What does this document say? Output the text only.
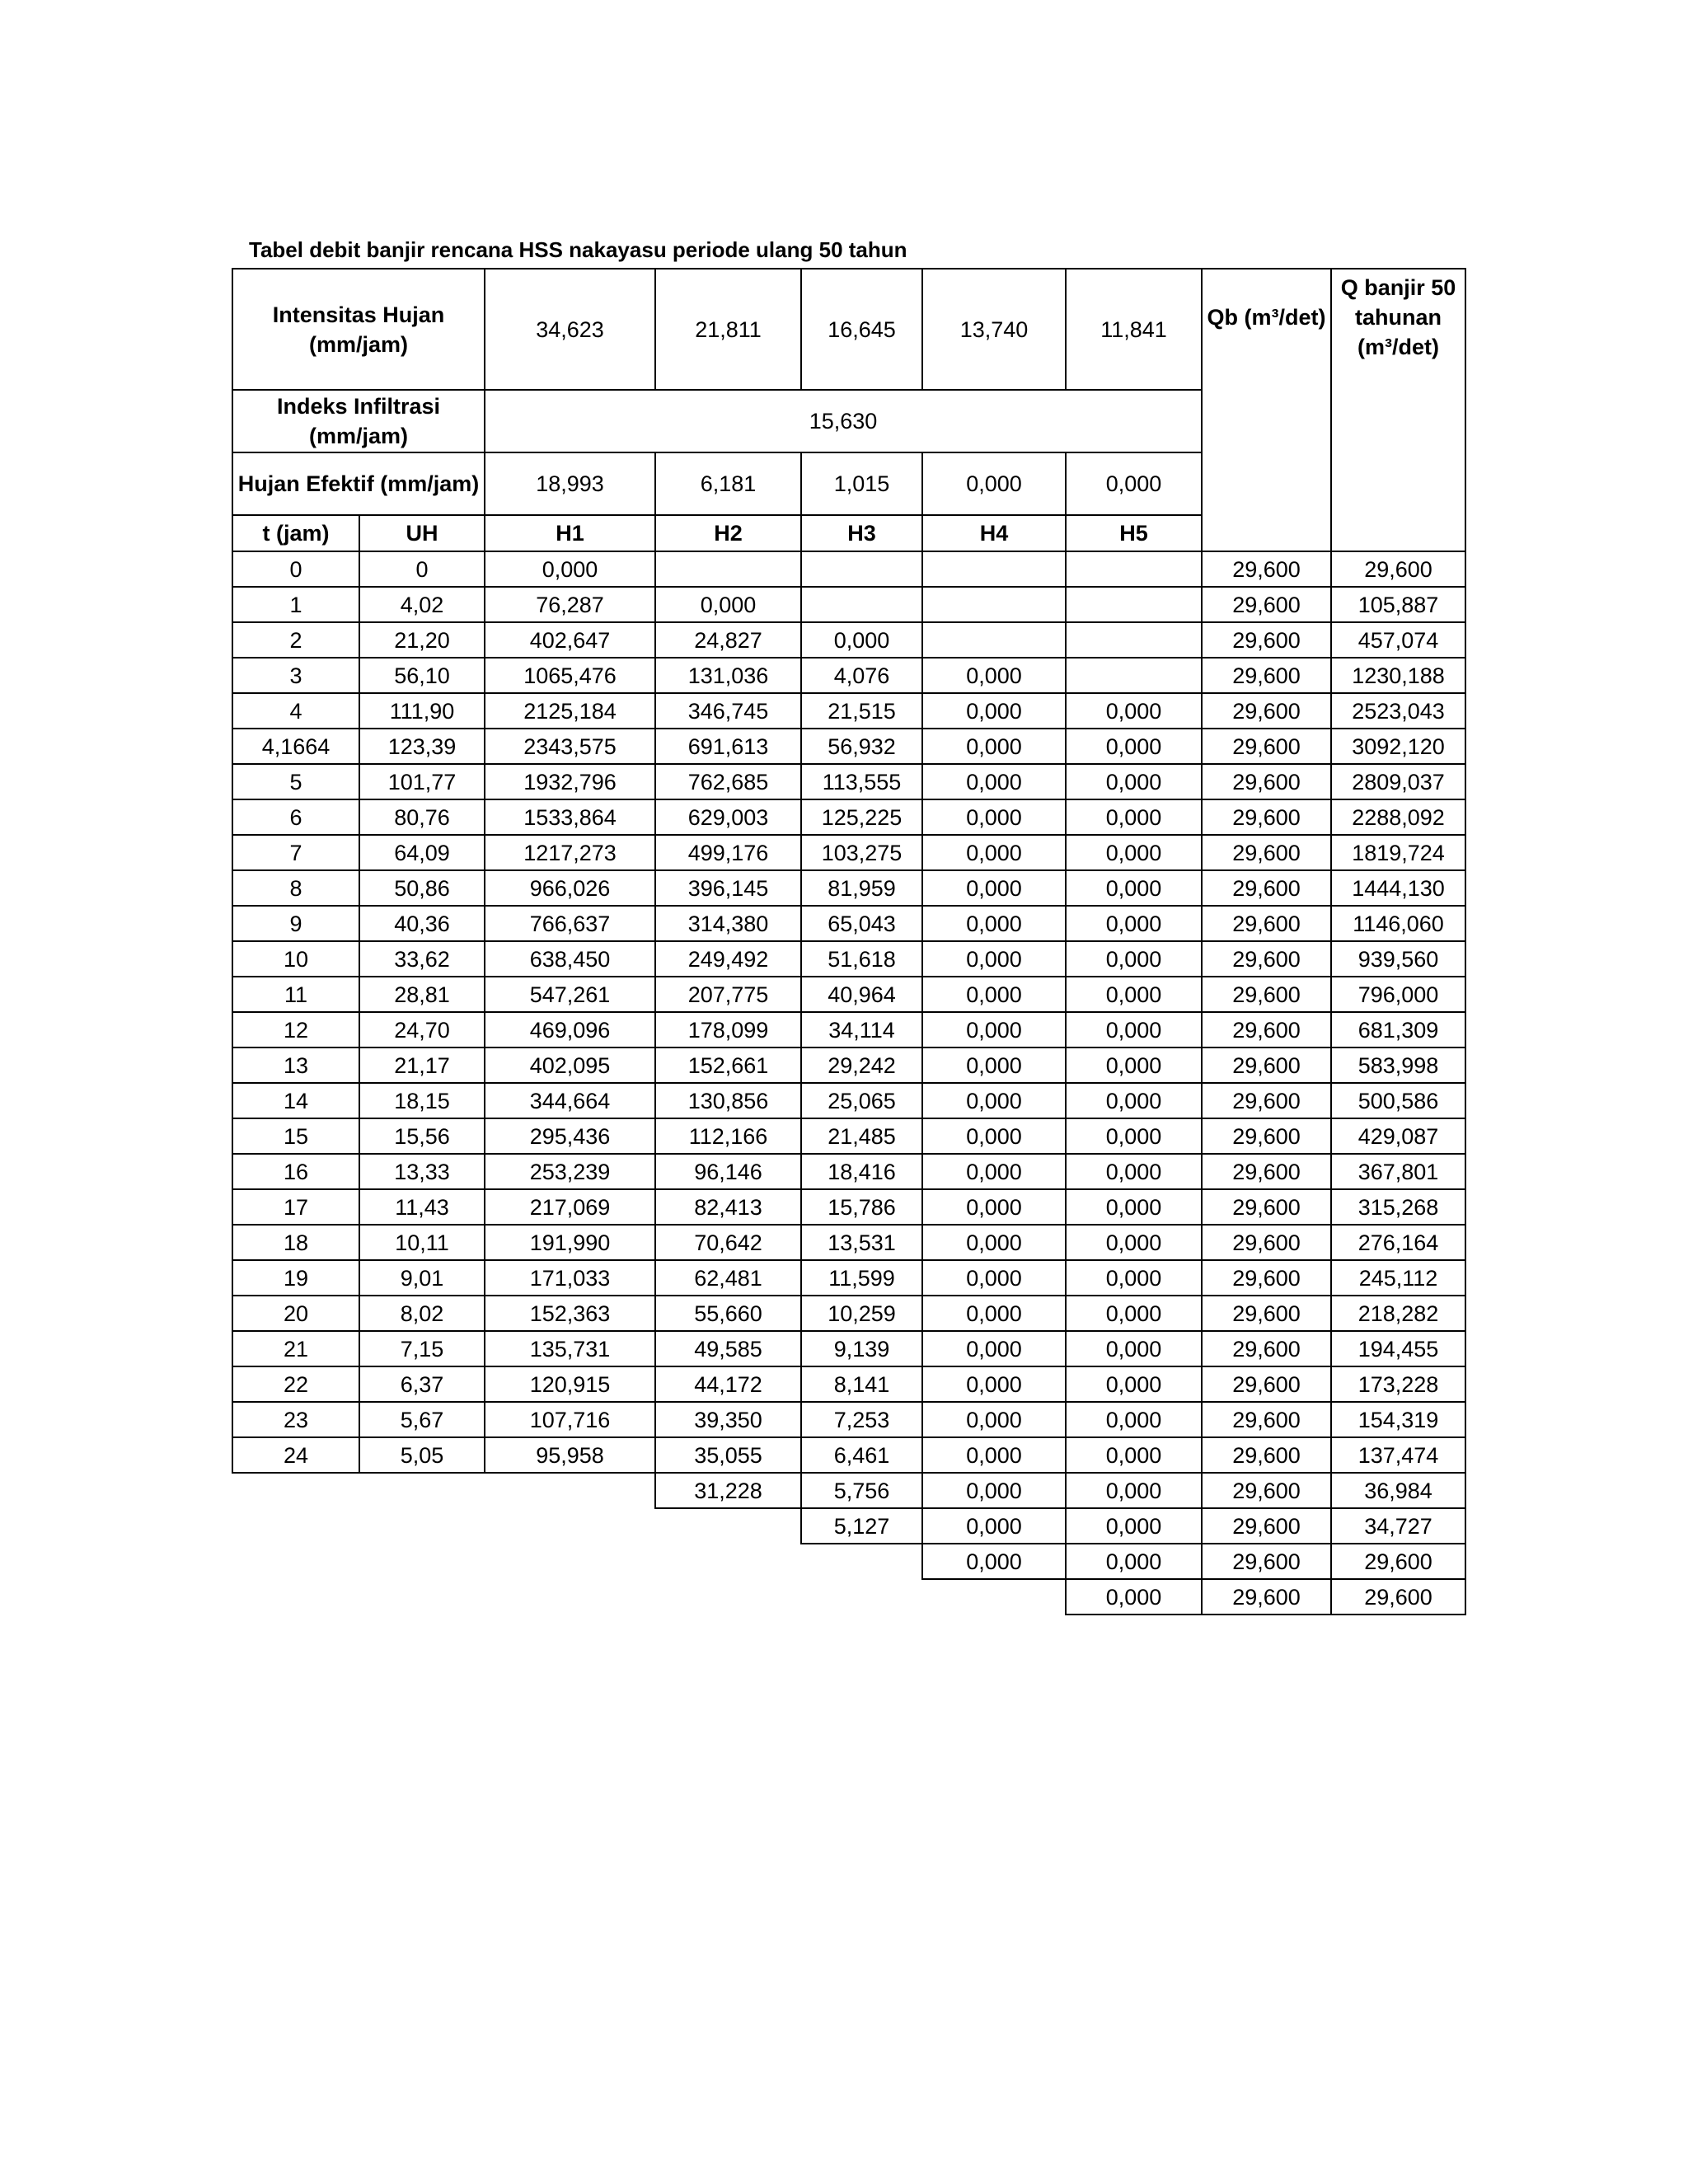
Tabel debit banjir rencana HSS nakayasu periode ulang 50 tahun
Intensitas Hujan (mm/jam)		34,623	21,811	16,645	13,740	11,841	Qb (m³/det)	Q banjir 50 tahunan (m³/det)
Indeks Infiltrasi (mm/jam)		15,630						
Hujan Efektif (mm/jam)		18,993	6,181	1,015	0,000	0,000		
t (jam)	UH	H1	H2	H3	H4	H5		
0	0	0,000					29,600	29,600
1	4,02	76,287	0,000				29,600	105,887
2	21,20	402,647	24,827	0,000			29,600	457,074
3	56,10	1065,476	131,036	4,076	0,000		29,600	1230,188
4	111,90	2125,184	346,745	21,515	0,000	0,000	29,600	2523,043
4,1664	123,39	2343,575	691,613	56,932	0,000	0,000	29,600	3092,120
5	101,77	1932,796	762,685	113,555	0,000	0,000	29,600	2809,037
6	80,76	1533,864	629,003	125,225	0,000	0,000	29,600	2288,092
7	64,09	1217,273	499,176	103,275	0,000	0,000	29,600	1819,724
8	50,86	966,026	396,145	81,959	0,000	0,000	29,600	1444,130
9	40,36	766,637	314,380	65,043	0,000	0,000	29,600	1146,060
10	33,62	638,450	249,492	51,618	0,000	0,000	29,600	939,560
11	28,81	547,261	207,775	40,964	0,000	0,000	29,600	796,000
12	24,70	469,096	178,099	34,114	0,000	0,000	29,600	681,309
13	21,17	402,095	152,661	29,242	0,000	0,000	29,600	583,998
14	18,15	344,664	130,856	25,065	0,000	0,000	29,600	500,586
15	15,56	295,436	112,166	21,485	0,000	0,000	29,600	429,087
16	13,33	253,239	96,146	18,416	0,000	0,000	29,600	367,801
17	11,43	217,069	82,413	15,786	0,000	0,000	29,600	315,268
18	10,11	191,990	70,642	13,531	0,000	0,000	29,600	276,164
19	9,01	171,033	62,481	11,599	0,000	0,000	29,600	245,112
20	8,02	152,363	55,660	10,259	0,000	0,000	29,600	218,282
21	7,15	135,731	49,585	9,139	0,000	0,000	29,600	194,455
22	6,37	120,915	44,172	8,141	0,000	0,000	29,600	173,228
23	5,67	107,716	39,350	7,253	0,000	0,000	29,600	154,319
24	5,05	95,958	35,055	6,461	0,000	0,000	29,600	137,474
			31,228	5,756	0,000	0,000	29,600	36,984
				5,127	0,000	0,000	29,600	34,727
					0,000	0,000	29,600	29,600
						0,000	29,600	29,600
